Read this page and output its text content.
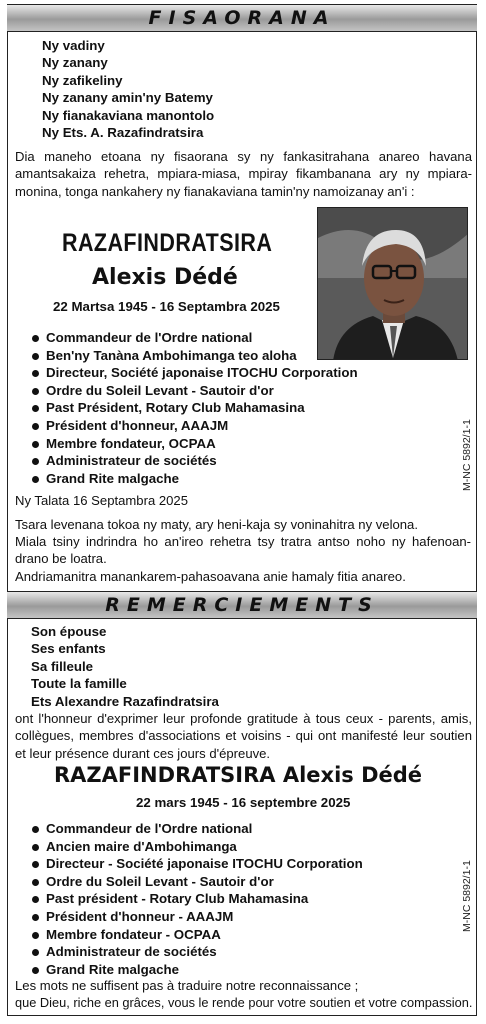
FISAORANA
Ny vadiny
Ny zanany
Ny zafikeliny
Ny zanany amin'ny Batemy
Ny fianakaviana manontolo
Ny Ets. A. Razafindratsira
Dia maneho etoana ny fisaorana sy ny fankasitrahana anareo havana amantsakaiza rehetra, mpiara-miasa, mpiray fikambanana ary ny mpiara-monina, tonga nankahery ny fianakaviana tamin'ny namoizanay an'i :
RAZAFINDRATSIRA
Alexis Dédé
22 Martsa 1945 - 16 Septambra 2025
Commandeur de l'Ordre national
Ben'ny Tanàna Ambohimanga teo aloha
Directeur, Société japonaise ITOCHU Corporation
Ordre du Soleil Levant - Sautoir d'or
Past Président, Rotary Club Mahamasina
Président d'honneur, AAAJM
Membre fondateur, OCPAA
Administrateur de sociétés
Grand Rite malgache	M-NC 5892/1-1
Ny Talata 16 Septambra 2025
Tsara levenana tokoa ny maty, ary heni-kaja sy voninahitra ny velona.
Miala tsiny indrindra ho an'ireo rehetra tsy tratra antso noho ny hafenoan-drano be loatra.
Andriamanitra manankarem-pahasoavana anie hamaly fitia anareo.
REMERCIEMENTS
Son épouse
Ses enfants
Sa filleule
Toute la famille
Ets Alexandre Razafindratsira
ont l'honneur d'exprimer leur profonde gratitude à tous ceux - parents, amis, collègues, membres d'associations et voisins - qui ont manifesté leur soutien et leur présence durant ces jours d'épreuve.
RAZAFINDRATSIRA Alexis Dédé
22 mars 1945 - 16 septembre 2025
Commandeur de l'Ordre national
Ancien maire d'Ambohimanga
Directeur - Société japonaise ITOCHU Corporation
Ordre du Soleil Levant - Sautoir d'or
Past président - Rotary Club Mahamasina
Président d'honneur - AAAJM
Membre fondateur - OCPAA
Administrateur de sociétés
Grand Rite malgache
M-NC 5892/1-1
Les mots ne suffisent pas à traduire notre reconnaissance ;
que Dieu, riche en grâces, vous le rende pour votre soutien et votre compassion.
